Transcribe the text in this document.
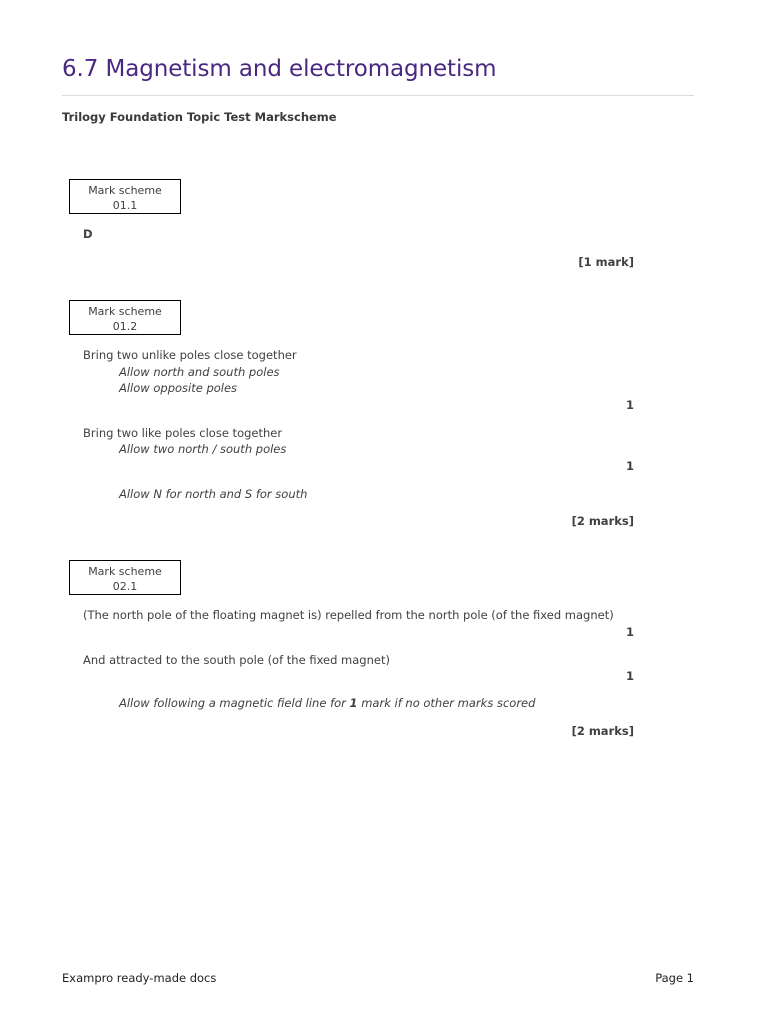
6.7 Magnetism and electromagnetism
Trilogy Foundation Topic Test Markscheme
Mark scheme
01.1
D
[1 mark]
Mark scheme
01.2
Bring two unlike poles close together
Allow north and south poles
Allow opposite poles
1
Bring two like poles close together
Allow two north / south poles
1
Allow N for north and S for south
[2 marks]
Mark scheme
02.1
(The north pole of the floating magnet is) repelled from the north pole (of the fixed magnet)
1
And attracted to the south pole (of the fixed magnet)
1
Allow following a magnetic field line for 1 mark if no other marks scored
[2 marks]
Exampro ready-made docs	Page 1
